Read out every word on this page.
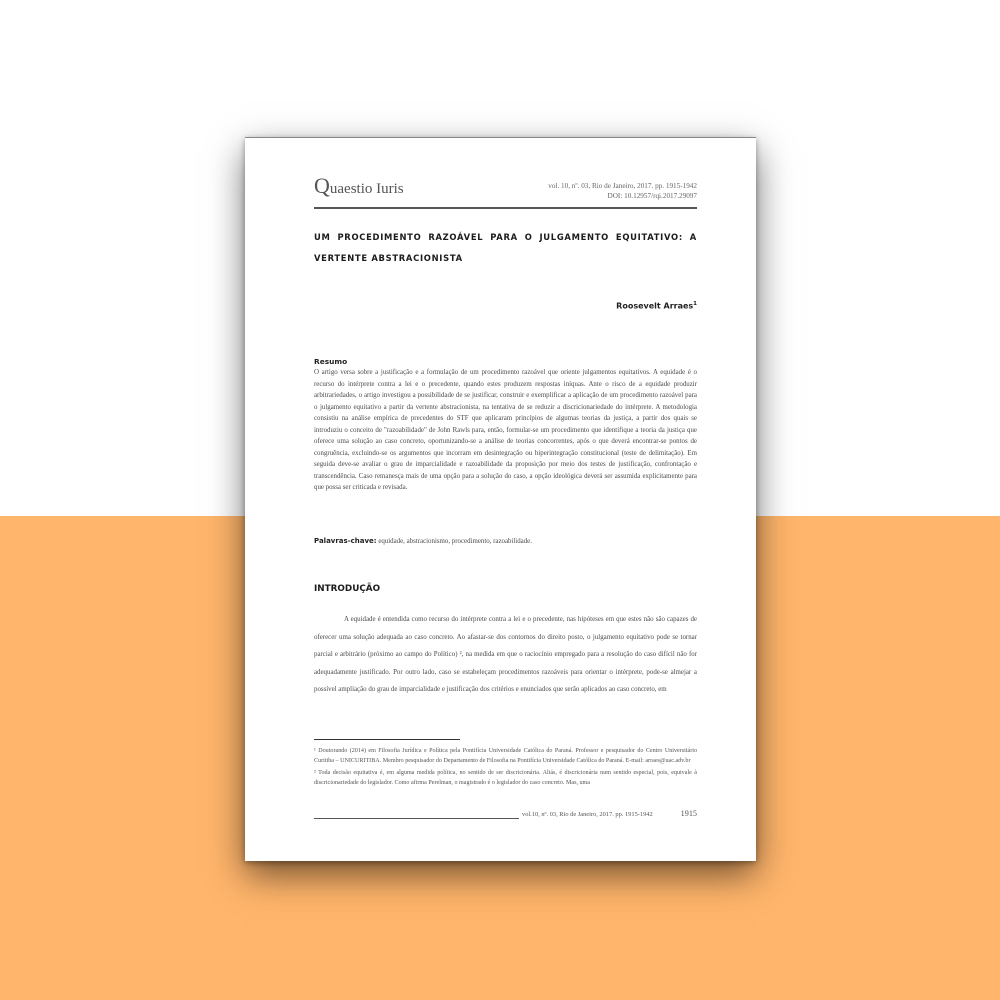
Quaestio Iuris	vol. 10, nº. 03, Rio de Janeiro, 2017. pp. 1915-1942
DOI: 10.12957/rqi.2017.29097
UM PROCEDIMENTO RAZOÁVEL PARA O JULGAMENTO EQUITATIVO: A VERTENTE ABSTRACIONISTA
Roosevelt Arraes$^1$
Resumo

O artigo versa sobre a justificação e a formulação de um procedimento razoável que oriente julgamentos equitativos. A equidade é o recurso do intérprete contra a lei e o precedente, quando estes produzem respostas iníquas. Ante o risco de a equidade produzir arbitrariedades, o artigo investigou a possibilidade de se justificar, construir e exemplificar a aplicação de um procedimento razoável para o julgamento equitativo a partir da vertente abstracionista, na tentativa de se reduzir a discricionariedade do intérprete. A metodologia consistiu na análise empírica de precedentes do STF que aplicaram princípios de algumas teorias da justiça, a partir dos quais se introduziu o conceito de "razoabilidade" de John Rawls para, então, formular-se um procedimento que identifique a teoria da justiça que oferece uma solução ao caso concreto, oportunizando-se a análise de teorias concorrentes, após o que deverá encontrar-se pontos de congruência, excluindo-se os argumentos que incorram em desintegração ou hiperintegração constitucional (teste de delimitação). Em seguida deve-se avaliar o grau de imparcialidade e razoabilidade da proposição por meio dos testes de justificação, confrontação e transcendência. Caso remanesça mais de uma opção para a solução do caso, a opção ideológica deverá ser assumida explicitamente para que possa ser criticada e revisada.

Palavras-chave: equidade, abstracionismo, procedimento, razoabilidade.
INTRODUÇÃO

A equidade é entendida como recurso do intérprete contra a lei e o precedente, nas hipóteses em que estes não são capazes de oferecer uma solução adequada ao caso concreto. Ao afastar-se dos contornos do direito posto, o julgamento equitativo pode se tornar parcial e arbitrário (próximo ao campo do Político) ², na medida em que o raciocínio empregado para a resolução do caso difícil não for adequadamente justificado. Por outro lado, caso se estabeleçam procedimentos razoáveis para orientar o intérprete, pode-se almejar a possível ampliação do grau de imparcialidade e justificação dos critérios e enunciados que serão aplicados ao caso concreto, em

¹ Doutorando (2014) em Filosofia Jurídica e Política pela Pontifícia Universidade Católica do Paraná. Professor e pesquisador do Centro Universitário Curitiba – UNICURITIBA. Membro pesquisador do Departamento de Filosofia na Pontifícia Universidade Católica do Paraná. E-mail: arraes@uac.adv.br

² Toda decisão equitativa é, em alguma medida política, no sentido de ser discricionária. Aliás, é discricionária num sentido especial, pois, equivale à discricionariedade do legislador. Como afirma Perelman, o magistrado é o legislador do caso concreto. Mas, uma

vol.10, nº. 03, Rio de Janeiro, 2017. pp. 1915-1942	1915
